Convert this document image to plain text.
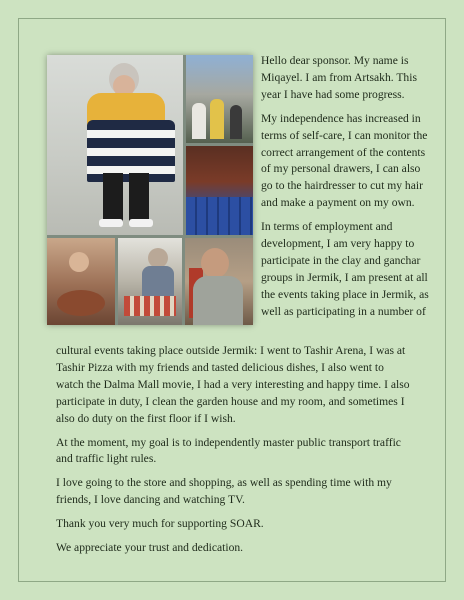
Hello dear sponsor. My name is Miqayel. I am from Artsakh. This year I have had some progress.

My independence has increased in terms of self-care, I can monitor the correct arrangement of the contents of my personal drawers, I can also go to the hairdresser to cut my hair and make a payment on my own.

In terms of employment and development, I am very happy to participate in the clay and ganchar groups in Jermik, I am present at all the events taking place in Jermik, as well as participating in a number of

cultural events taking place outside Jermik: I went to Tashir Arena, I was at Tashir Pizza with my friends and tasted delicious dishes, I also went to watch the Dalma Mall movie, I had a very interesting and happy time. I also participate in duty, I clean the garden house and my room, and sometimes I also do duty on the first floor if I wish.

At the moment, my goal is to independently master public transport traffic and traffic light rules.

I love going to the store and shopping, as well as spending time with my friends, I love dancing and watching TV.

Thank you very much for supporting SOAR.

We appreciate your trust and dedication.
